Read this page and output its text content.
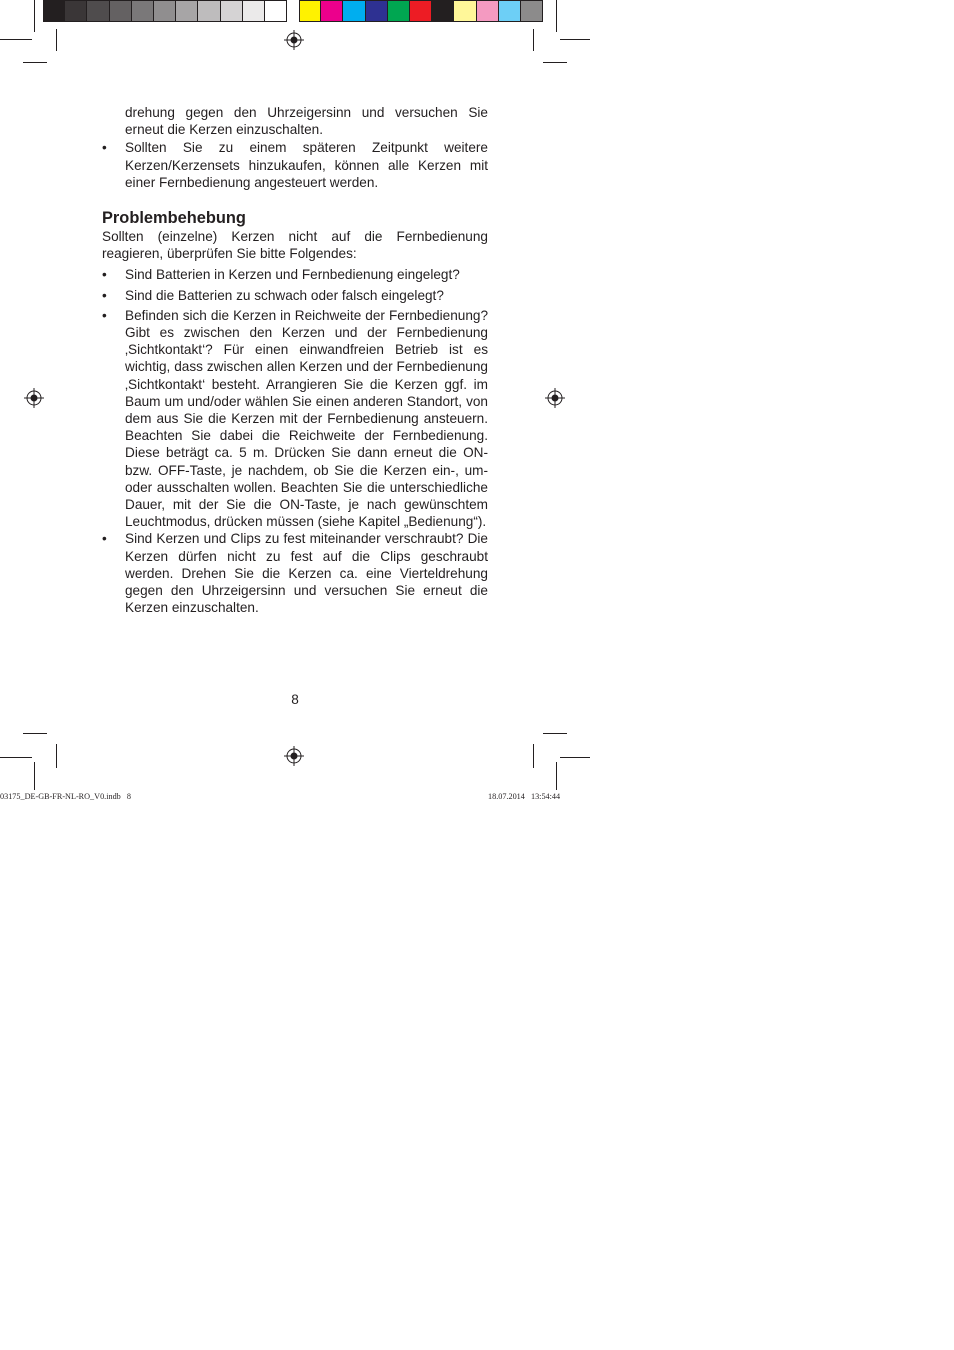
drehung gegen den Uhrzeigersinn und versuchen Sie erneut die Kerzen einzuschalten.

• Sollten Sie zu einem späteren Zeitpunkt weitere Kerzen/Kerzensets hinzukaufen, können alle Kerzen mit einer Fernbedienung angesteuert werden.

Problembehebung

Sollten (einzelne) Kerzen nicht auf die Fernbedienung reagieren, überprüfen Sie bitte Folgendes:

• Sind Batterien in Kerzen und Fernbedienung eingelegt?

• Sind die Batterien zu schwach oder falsch eingelegt?

• Befinden sich die Kerzen in Reichweite der Fernbedienung? Gibt es zwischen den Kerzen und der Fernbedienung ‚Sichtkontakt‘? Für einen einwandfreien Betrieb ist es wichtig, dass zwischen allen Kerzen und der Fernbedienung ‚Sichtkontakt‘ besteht. Arrangieren Sie die Kerzen ggf. im Baum um und/oder wählen Sie einen anderen Standort, von dem aus Sie die Kerzen mit der Fernbedienung ansteuern. Beachten Sie dabei die Reichweite der Fernbedienung. Diese beträgt ca. 5 m. Drücken Sie dann erneut die ON- bzw. OFF-Taste, je nachdem, ob Sie die Kerzen ein-, um- oder ausschalten wollen. Beachten Sie die unterschiedliche Dauer, mit der Sie die ON-Taste, je nach gewünschtem Leuchtmodus, drücken müssen (siehe Kapitel „Bedienung“).

• Sind Kerzen und Clips zu fest miteinander verschraubt? Die Kerzen dürfen nicht zu fest auf die Clips geschraubt werden. Drehen Sie die Kerzen ca. eine Vierteldrehung gegen den Uhrzeigersinn und versuchen Sie erneut die Kerzen einzuschalten.

8
03175_DE-GB-FR-NL-RO_V0.indb   8	18.07.2014   13:54:44
